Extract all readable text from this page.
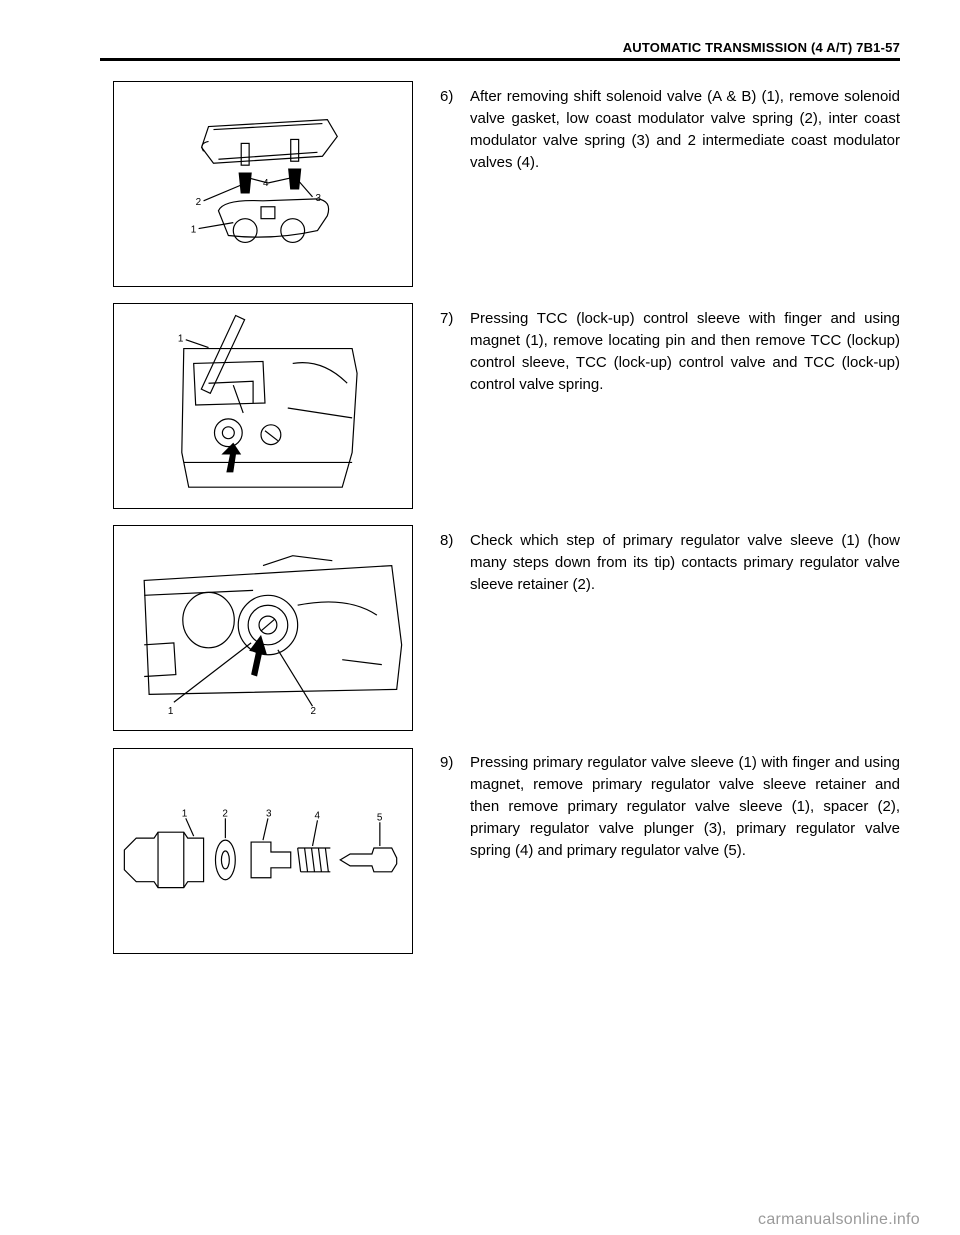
AUTOMATIC TRANSMISSION (4 A/T) 7B1-57
4
2	3
1
6) After removing shift solenoid valve (A & B) (1), remove solenoid valve gasket, low coast modulator valve spring (2), inter coast modulator valve spring (3) and 2 intermediate coast modulator valves (4).
1
7) Pressing TCC (lock-up) control sleeve with finger and using magnet (1), remove locating pin and then remove TCC (lockup) control sleeve, TCC (lock-up) control valve and TCC (lock-up) control valve spring.
1	2
8) Check which step of primary regulator valve sleeve (1) (how many steps down from its tip) contacts primary regulator valve sleeve retainer (2).
1	2	3	4	5
9) Pressing primary regulator valve sleeve (1) with finger and using magnet, remove primary regulator valve sleeve retainer and then remove primary regulator valve sleeve (1), spacer (2), primary regulator valve plunger (3), primary regulator valve spring (4) and primary regulator valve (5).
carmanualsonline.info
